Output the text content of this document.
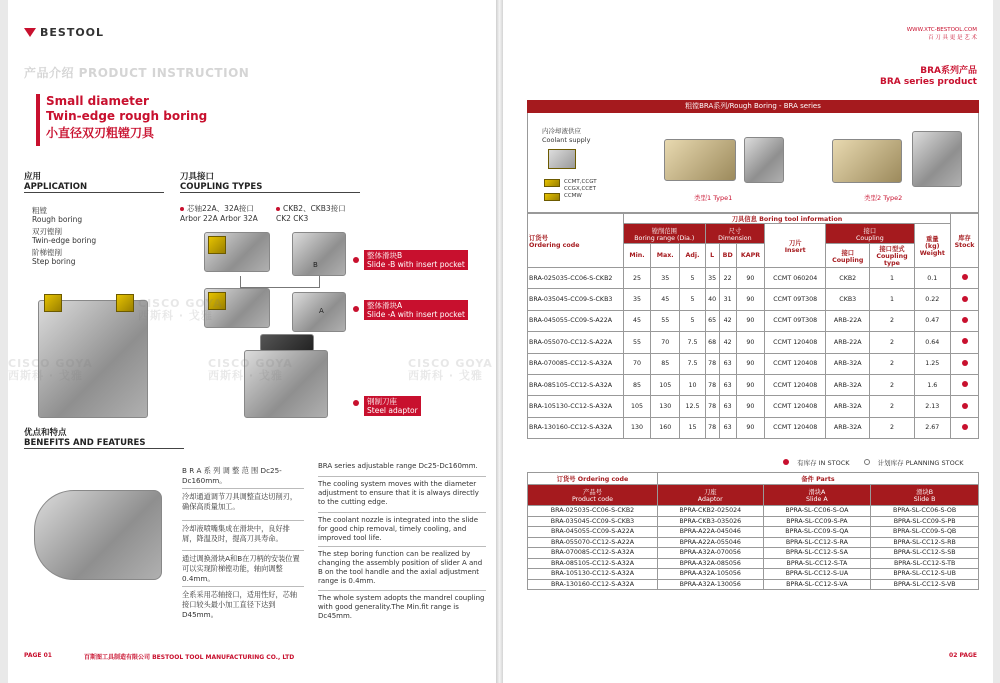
BESTOOL
产品介绍 PRODUCT INSTRUCTION
Small diameter
Twin-edge rough boring
小直径双刃粗镗刀具
应用
APPLICATION
粗镗
Rough boring
双刃镗削
Twin-edge boring
阶梯镗削
Step boring
刀具接口
COUPLING TYPES
芯轴22A、32A接口
Arbor 22A Arbor 32A
CKB2、CKB3接口
CK2 CK3
B
A
整体滑块B
Slide -B with insert pocket
整体滑块A
Slide -A with insert pocket
钢制刀座
Steel adaptor
优点和特点
BENEFITS AND FEATURES
B R A 系 列 调 整 范 围 Dc25-Dc160mm。
冷却通道调节刀具调整直达切削刃，确保高质量加工。
冷却液喷嘴集成在滑块中，良好排屑，降温及时，提高刀具寿命。
通过调换滑块A和B在刀柄的安装位置可以实现阶梯镗功能，轴向调整0.4mm。
全系采用芯轴接口，适用性好，芯轴接口较头最小加工直径下达到D45mm。
BRA series adjustable range Dc25-Dc160mm.
The cooling system moves with the diameter adjustment to ensure that it is always directly to the cutting edge.
The coolant nozzle is integrated into the slide for good chip removal, timely cooling, and improved tool life.
The step boring function can be realized by changing the assembly position of slider A and B on the tool handle and the axial adjustment range is 0.4mm.
The whole system adopts the mandrel coupling with good generality.The Min.fit range is Dc45mm.
CISCO GOYA
西斯科 · 戈雅
CISCO GOYA
西斯科 · 戈雅
CISCO GOYA
西斯科 · 戈雅
CISCO GOYA
西斯科 · 戈雅
PAGE 01	百斯图工具制造有限公司 BESTOOL TOOL MANUFACTURING CO., LTD
WWW.XTC-BESTOOL.COM
百 刀 具 更 是 艺 术
BRA系列产品
BRA series product
粗镗BRA系列/Rough Boring - BRA series
内冷却液供应
Coolant supply
CCMT,CCGT
CCGX,CCET
CCMW	类型1 Type1	类型2 Type2
订货号
Ordering code	刀具信息 Boring tool information										库存
Stock
	镗削范围
Boring range (Dia.)			尺寸
Dimension			刀片
Insert	接口
Coupling		重量
(kg)
Weight	
	Min.	Max.	Adj.	L	BD	KAPR		接口
Coupling	接口型式
Coupling
type		
BRA-025035-CC06-S-CKB2	25	35	5	35	22	90	CCMT 060204	CKB2	1	0.1	
BRA-035045-CC09-S-CKB3	35	45	5	40	31	90	CCMT 09T308	CKB3	1	0.22	
BRA-045055-CC09-S-A22A	45	55	5	65	42	90	CCMT 09T308	ARB-22A	2	0.47	
BRA-055070-CC12-S-A22A	55	70	7.5	68	42	90	CCMT 120408	ARB-22A	2	0.64	
BRA-070085-CC12-S-A32A	70	85	7.5	78	63	90	CCMT 120408	ARB-32A	2	1.25	
BRA-085105-CC12-S-A32A	85	105	10	78	63	90	CCMT 120408	ARB-32A	2	1.6	
BRA-105130-CC12-S-A32A	105	130	12.5	78	63	90	CCMT 120408	ARB-32A	2	2.13	
BRA-130160-CC12-S-A32A	130	160	15	78	63	90	CCMT 120408	ARB-32A	2	2.67	
有库存 IN STOCK	计划库存 PLANNING STOCK
订货号 Ordering code	备件 Parts		
产品号
Product code	刀座
Adaptor	滑块A
Slide A	滑块B
Slide B
BRA-025035-CC06-S-CKB2	BPRA-CKB2-025024	BPRA-SL-CC06-S-OA	BPRA-SL-CC06-S-OB
BRA-035045-CC09-S-CKB3	BPRA-CKB3-035026	BPRA-SL-CC09-S-PA	BPRA-SL-CC09-S-PB
BRA-045055-CC09-S-A22A	BPRA-A22A-045046	BPRA-SL-CC09-S-QA	BPRA-SL-CC09-S-QB
BRA-055070-CC12-S-A22A	BPRA-A22A-055046	BPRA-SL-CC12-S-RA	BPRA-SL-CC12-S-RB
BRA-070085-CC12-S-A32A	BPRA-A32A-070056	BPRA-SL-CC12-S-SA	BPRA-SL-CC12-S-SB
BRA-085105-CC12-S-A32A	BPRA-A32A-085056	BPRA-SL-CC12-S-TA	BPRA-SL-CC12-S-TB
BRA-105130-CC12-S-A32A	BPRA-A32A-105056	BPRA-SL-CC12-S-UA	BPRA-SL-CC12-S-UB
BRA-130160-CC12-S-A32A	BPRA-A32A-130056	BPRA-SL-CC12-S-VA	BPRA-SL-CC12-S-VB
02 PAGE
